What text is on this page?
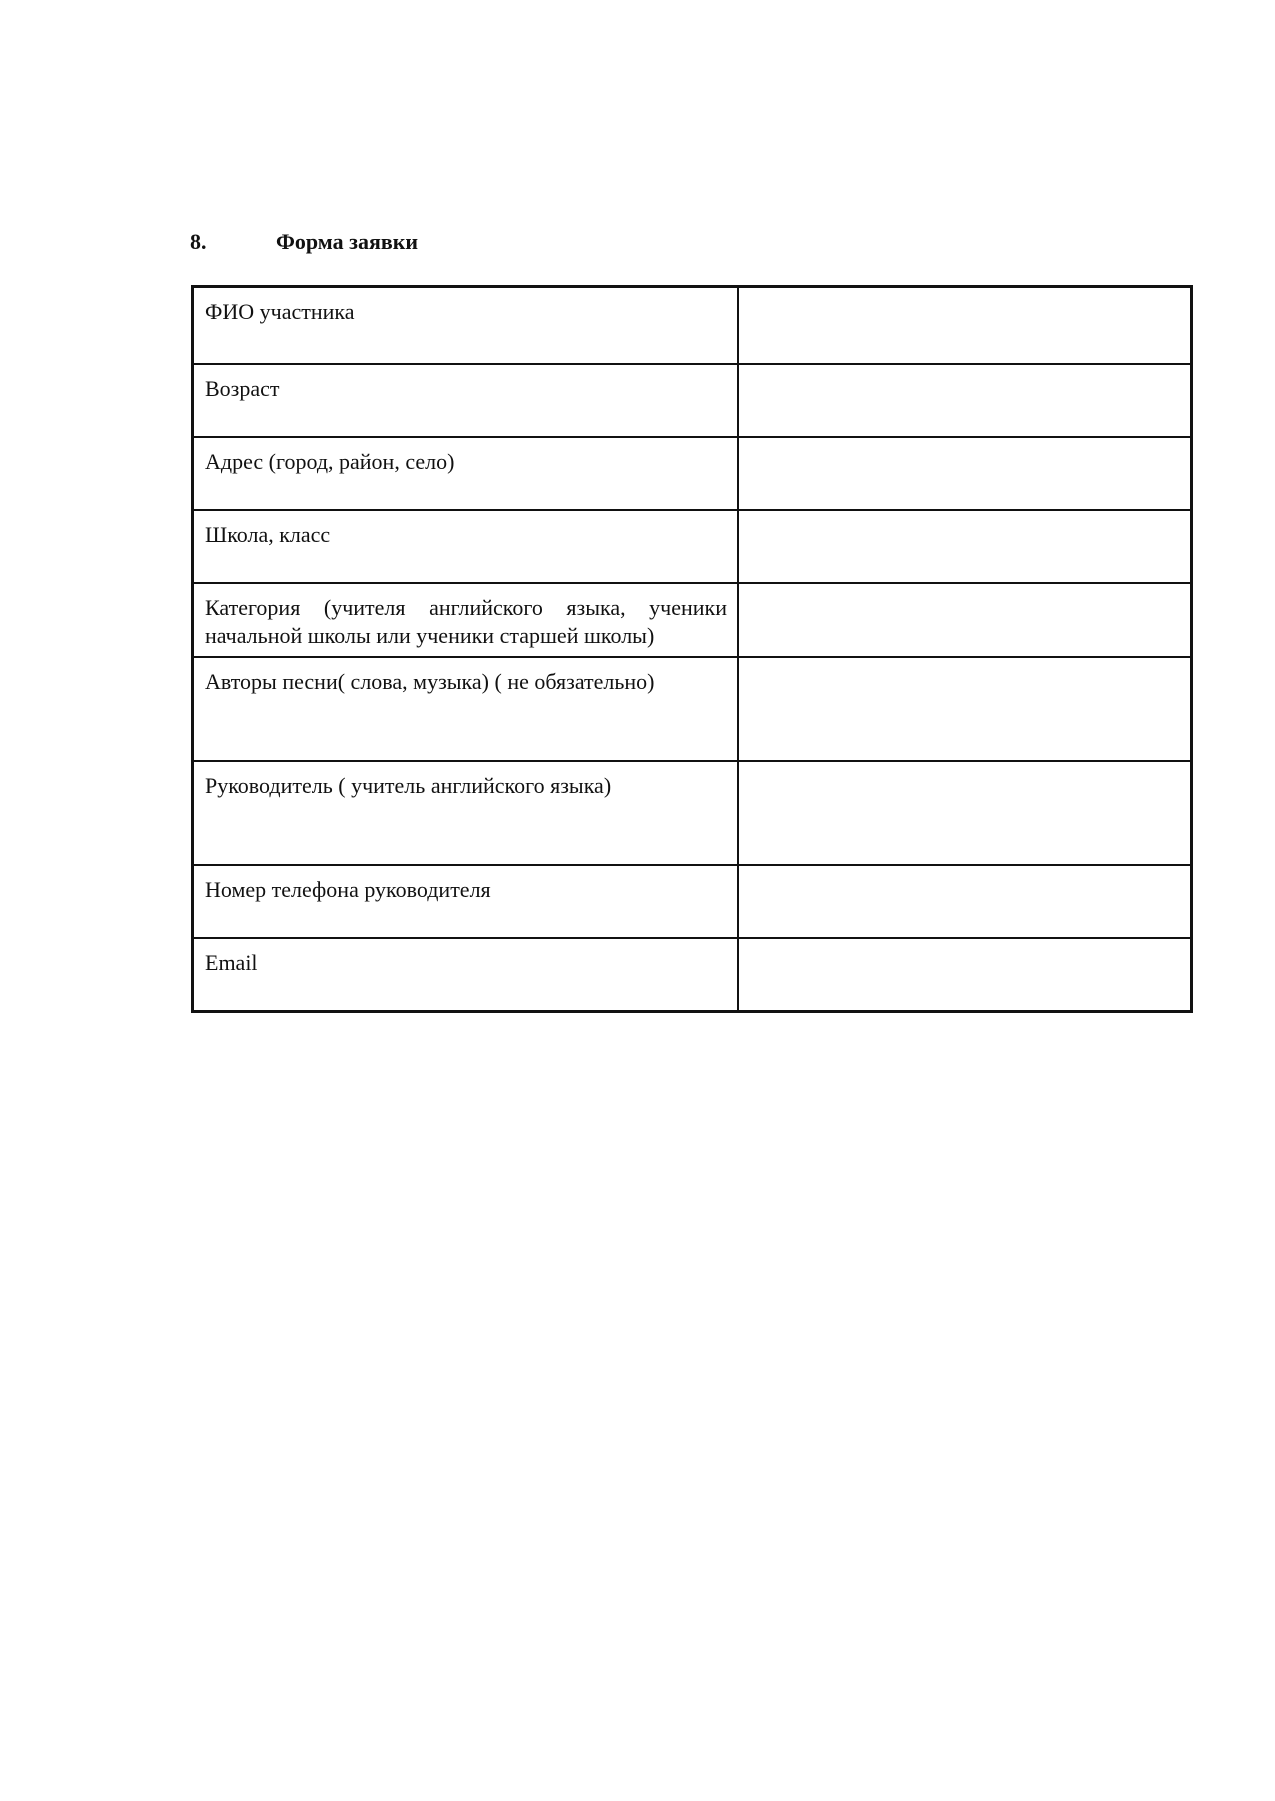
8.	Форма заявки
ФИО участника	
Возраст	
Адрес (город, район, село)	
Школа, класс	
Категория (учителя английского языка, ученики начальной школы или ученики старшей школы)	
Авторы песни( слова, музыка) ( не обязательно)	
Руководитель ( учитель английского языка)	
Номер телефона руководителя	
Email	
